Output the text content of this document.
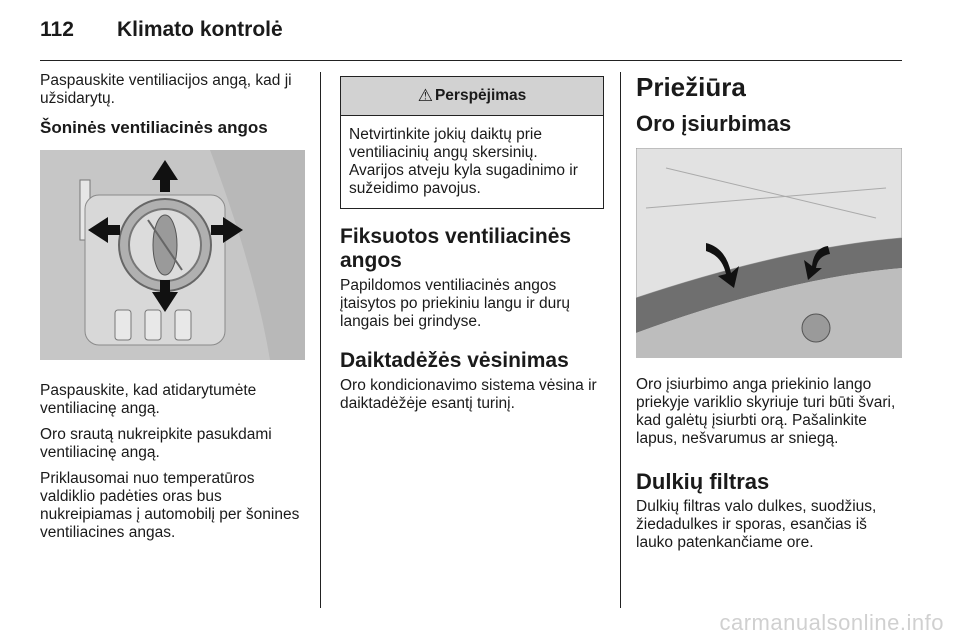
112 Klimato kontrolė

Paspauskite ventiliacijos angą, kad ji užsidarytų.

Šoninės ventiliacinės angos

Paspauskite, kad atidarytumėte ventiliacinę angą.

Oro srautą nukreipkite pasukdami ventiliacinę angą.

Priklausomai nuo temperatūros valdiklio padėties oras bus nukreipiamas į automobilį per šonines ventiliacines angas.

⚠ Perspėjimas
Netvirtinkite jokių daiktų prie ventiliacinių angų skersinių. Avarijos atveju kyla sugadinimo ir sužeidimo pavojus.
Fiksuotos ventiliacinės angos

Papildomos ventiliacinės angos įtaisytos po priekiniu langu ir durų langais bei grindyse.

Daiktadėžės vėsinimas

Oro kondicionavimo sistema vėsina ir daiktadėžėje esantį turinį.

Priežiūra
Oro įsiurbimas

Oro įsiurbimo anga priekinio lango priekyje variklio skyriuje turi būti švari, kad galėtų įsiurbti orą. Pašalinkite lapus, nešvarumus ar sniegą.

Dulkių filtras

Dulkių filtras valo dulkes, suodžius, žiedadulkes ir sporas, esančias iš lauko patenkančiame ore.

carmanualsonline.info
